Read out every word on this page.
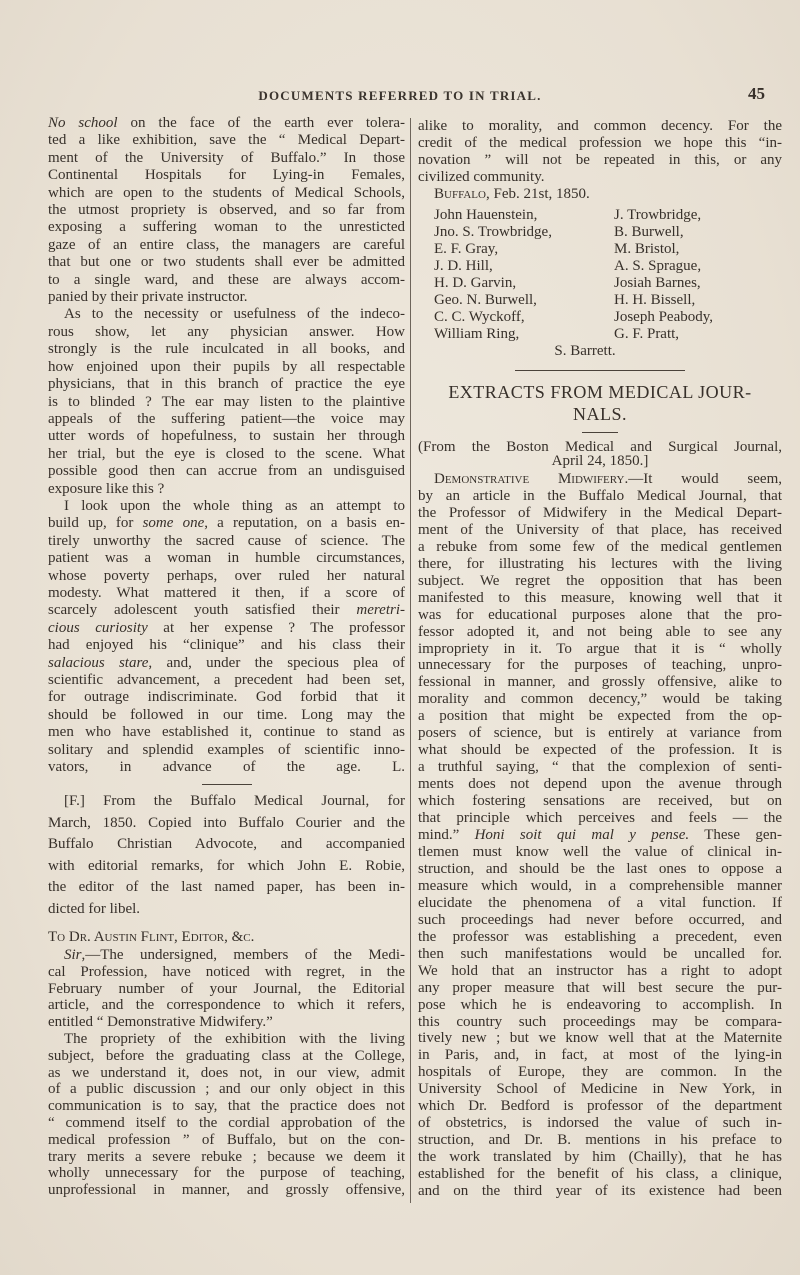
DOCUMENTS REFERRED TO IN TRIAL.	45
No school on the face of the earth ever tolera-
ted a like exhibition, save the “ Medical Depart-
ment of the University of Buffalo.” In those
Continental Hospitals for Lying-in Females,
which are open to the students of Medical Schools,
the utmost propriety is observed, and so far from
exposing a suffering woman to the unresticted
gaze of an entire class, the managers are careful
that but one or two students shall ever be admitted
to a single ward, and these are always accom-
panied by their private instructor.
As to the necessity or usefulness of the indeco-
rous show, let any physician answer. How
strongly is the rule inculcated in all books, and
how enjoined upon their pupils by all respectable
physicians, that in this branch of practice the eye
is to blinded ? The ear may listen to the plaintive
appeals of the suffering patient—the voice may
utter words of hopefulness, to sustain her through
her trial, but the eye is closed to the scene. What
possible good then can accrue from an undisguised
exposure like this ?
I look upon the whole thing as an attempt to
build up, for some one, a reputation, on a basis en-
tirely unworthy the sacred cause of science. The
patient was a woman in humble circumstances,
whose poverty perhaps, over ruled her natural
modesty. What mattered it then, if a score of
scarcely adolescent youth satisfied their meretri-
cious curiosity at her expense ? The professor
had enjoyed his “clinique” and his class their
salacious stare, and, under the specious plea of
scientific advancement, a precedent had been set,
for outrage indiscriminate. God forbid that it
should be followed in our time. Long may the
men who have established it, continue to stand as
solitary and splendid examples of scientific inno-
vators, in advance of the age. L.
[F.] From the Buffalo Medical Journal, for
March, 1850. Copied into Buffalo Courier and the
Buffalo Christian Advocote, and accompanied
with editorial remarks, for which John E. Robie,
the editor of the last named paper, has been in-
dicted for libel.
To Dr. Austin Flint, Editor, &c.
Sir,—The undersigned, members of the Medi-
cal Profession, have noticed with regret, in the
February number of your Journal, the Editorial
article, and the correspondence to which it refers,
entitled “ Demonstrative Midwifery.”
The propriety of the exhibition with the living
subject, before the graduating class at the College,
as we understand it, does not, in our view, admit
of a public discussion ; and our only object in this
communication is to say, that the practice does not
“ commend itself to the cordial approbation of the
medical profession ” of Buffalo, but on the con-
trary merits a severe rebuke ; because we deem it
wholly unnecessary for the purpose of teaching,
unprofessional in manner, and grossly offensive,
alike to morality, and common decency. For the
credit of the medical profession we hope this “in-
novation ” will not be repeated in this, or any
civilized community.
Buffalo, Feb. 21st, 1850.
John Hauenstein,	J. Trowbridge,
Jno. S. Trowbridge,	B. Burwell,
E. F. Gray,	M. Bristol,
J. D. Hill,	A. S. Sprague,
H. D. Garvin,	Josiah Barnes,
Geo. N. Burwell,	H. H. Bissell,
C. C. Wyckoff,	Joseph Peabody,
William Ring,	G. F. Pratt,
S. Barrett.
EXTRACTS FROM MEDICAL JOUR-
NALS.
(From the Boston Medical and Surgical Journal,
April 24, 1850.]
Demonstrative Midwifery.—It would seem,
by an article in the Buffalo Medical Journal, that
the Professor of Midwifery in the Medical Depart-
ment of the University of that place, has received
a rebuke from some few of the medical gentlemen
there, for illustrating his lectures with the living
subject. We regret the opposition that has been
manifested to this measure, knowing well that it
was for educational purposes alone that the pro-
fessor adopted it, and not being able to see any
impropriety in it. To argue that it is “ wholly
unnecessary for the purposes of teaching, unpro-
fessional in manner, and grossly offensive, alike to
morality and common decency,” would be taking
a position that might be expected from the op-
posers of science, but is entirely at variance from
what should be expected of the profession. It is
a truthful saying, “ that the complexion of senti-
ments does not depend upon the avenue through
which fostering sensations are received, but on
that principle which perceives and feels — the
mind.” Honi soit qui mal y pense. These gen-
tlemen must know well the value of clinical in-
struction, and should be the last ones to oppose a
measure which would, in a comprehensible manner
elucidate the phenomena of a vital function. If
such proceedings had never before occurred, and
the professor was establishing a precedent, even
then such manifestations would be uncalled for.
We hold that an instructor has a right to adopt
any proper measure that will best secure the pur-
pose which he is endeavoring to accomplish. In
this country such proceedings may be compara-
tively new ; but we know well that at the Maternite
in Paris, and, in fact, at most of the lying-in
hospitals of Europe, they are common. In the
University School of Medicine in New York, in
which Dr. Bedford is professor of the department
of obstetrics, is indorsed the value of such in-
struction, and Dr. B. mentions in his preface to
the work translated by him (Chailly), that he has
established for the benefit of his class, a clinique,
and on the third year of its existence had been
